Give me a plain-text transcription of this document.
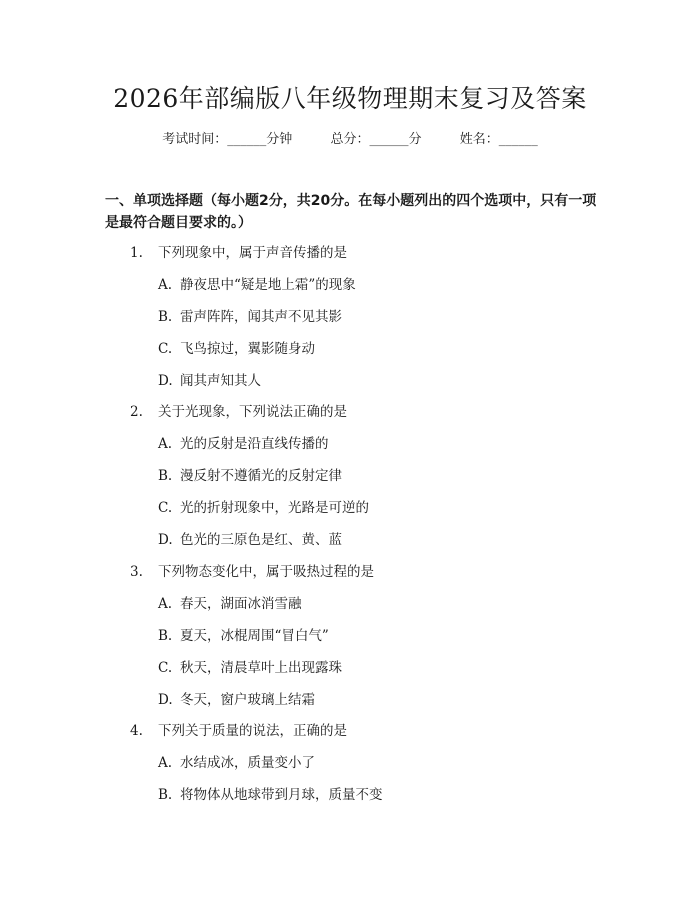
2026年部编版八年级物理期末复习及答案
考试时间：______分钟	总分：______分	姓名：______
一、单项选择题（每小题2分，共20分。在每小题列出的四个选项中，只有一项是最符合题目要求的。）
1. 下列现象中，属于声音传播的是
A. 静夜思中“疑是地上霜”的现象
B. 雷声阵阵，闻其声不见其影
C. 飞鸟掠过，翼影随身动
D. 闻其声知其人
2. 关于光现象，下列说法正确的是
A. 光的反射是沿直线传播的
B. 漫反射不遵循光的反射定律
C. 光的折射现象中，光路是可逆的
D. 色光的三原色是红、黄、蓝
3. 下列物态变化中，属于吸热过程的是
A. 春天，湖面冰消雪融
B. 夏天，冰棍周围“冒白气”
C. 秋天，清晨草叶上出现露珠
D. 冬天，窗户玻璃上结霜
4. 下列关于质量的说法，正确的是
A. 水结成冰，质量变小了
B. 将物体从地球带到月球，质量不变
